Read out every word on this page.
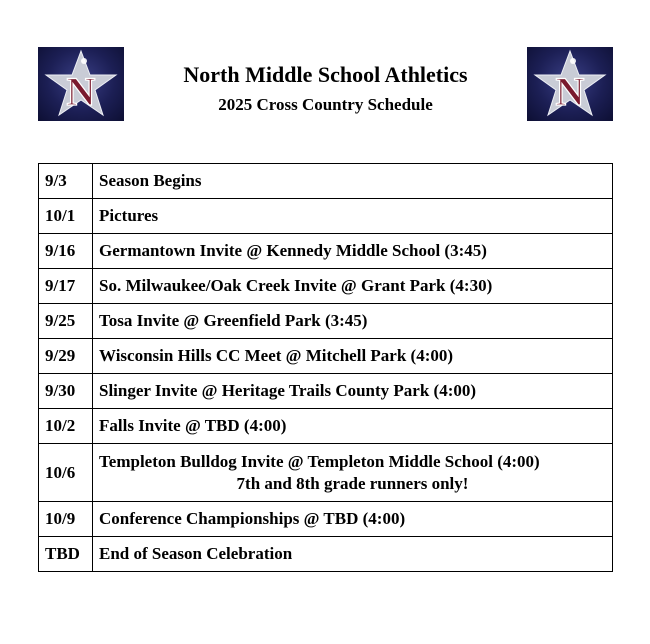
N	N
North Middle School Athletics
2025 Cross Country Schedule
9/3	Season Begins
10/1	Pictures
9/16	Germantown Invite @ Kennedy Middle School (3:45)
9/17	So. Milwaukee/Oak Creek Invite @ Grant Park (4:30)
9/25	Tosa Invite @ Greenfield Park (3:45)
9/29	Wisconsin Hills CC Meet @ Mitchell Park (4:00)
9/30	Slinger Invite @ Heritage Trails County Park (4:00)
10/2	Falls Invite @ TBD (4:00)
10/6	Templeton Bulldog Invite @ Templeton Middle School (4:00)
7th and 8th grade runners only!

10/9	Conference Championships @ TBD (4:00)
TBD	End of Season Celebration
